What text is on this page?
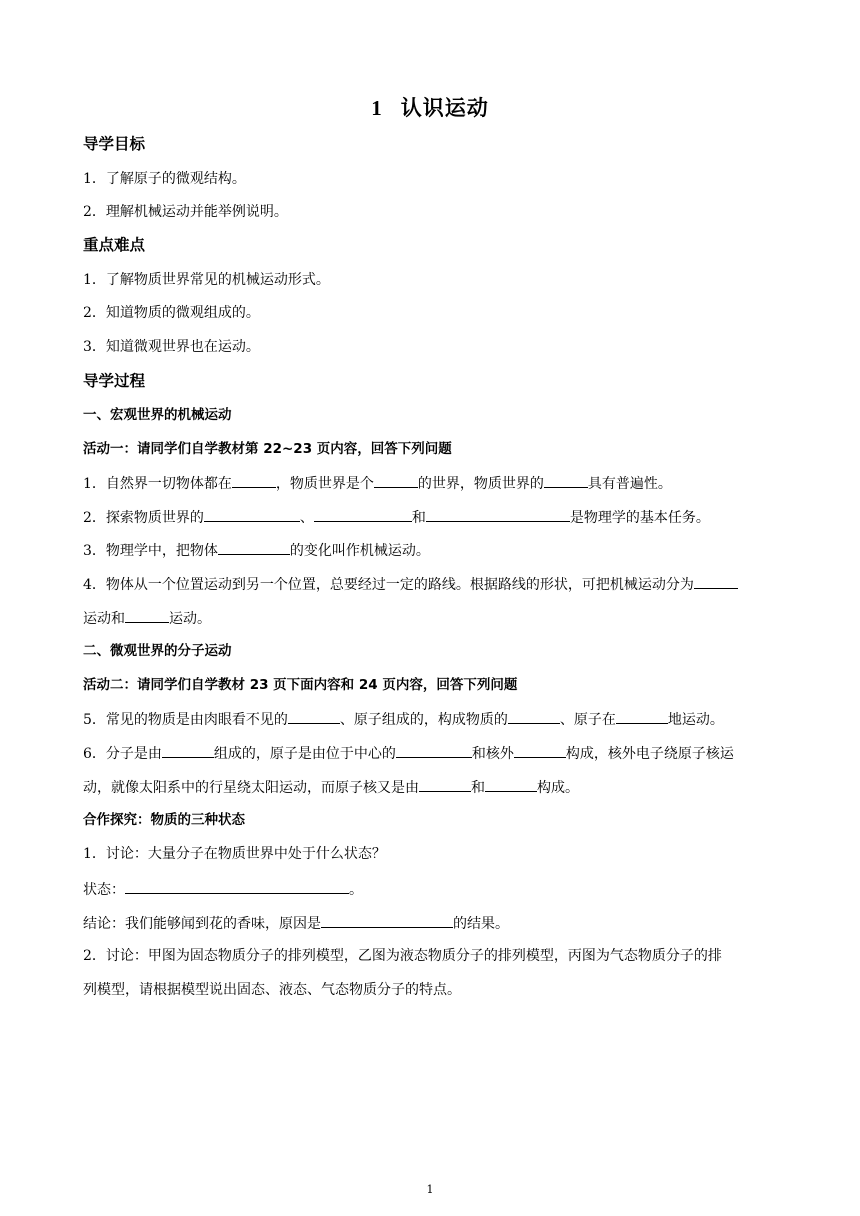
1 认识运动
导学目标
1．了解原子的微观结构。
2．理解机械运动并能举例说明。
重点难点
1．了解物质世界常见的机械运动形式。
2．知道物质的微观组成的。
3．知道微观世界也在运动。
导学过程
一、宏观世界的机械运动
活动一：请同学们自学教材第 22~23 页内容，回答下列问题
1．自然界一切物体都在	，物质世界是个	的世界，物质世界的	具有普遍性。
2．探索物质世界的	、	和	是物理学的基本任务。
3．物理学中，把物体	的变化叫作机械运动。
4．物体从一个位置运动到另一个位置，总要经过一定的路线。根据路线的形状，可把机械运动分为
运动和	运动。
二、微观世界的分子运动
活动二：请同学们自学教材 23 页下面内容和 24 页内容，回答下列问题
5．常见的物质是由肉眼看不见的	、原子组成的，构成物质的	、原子在	地运动。
6．分子是由	组成的，原子是由位于中心的	和核外	构成，核外电子绕原子核运
动，就像太阳系中的行星绕太阳运动，而原子核又是由	和	构成。
合作探究：物质的三种状态
1．讨论：大量分子在物质世界中处于什么状态？
状态：	。
结论：我们能够闻到花的香味，原因是	的结果。
2．讨论：甲图为固态物质分子的排列模型，乙图为液态物质分子的排列模型，丙图为气态物质分子的排
列模型，请根据模型说出固态、液态、气态物质分子的特点。
1
